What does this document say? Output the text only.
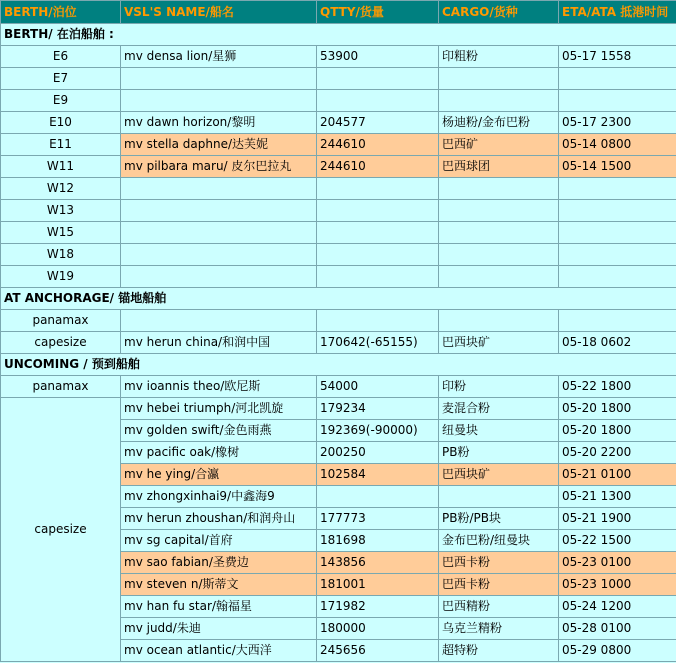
BERTH/泊位	VSL'S NAME/船名	QTTY/货量	CARGO/货种	ETA/ATA 抵港时间
BERTH/ 在泊船舶 :				
E6	mv densa lion/星狮	53900	印粗粉	05-17 1558
E7				
E9				
E10	mv dawn horizon/黎明	204577	杨迪粉/金布巴粉	05-17 2300
E11	mv stella daphne/达芙妮	244610	巴西矿	05-14 0800
W11	mv pilbara maru/ 皮尔巴拉丸	244610	巴西球团	05-14 1500
W12				
W13				
W15				
W18				
W19				
AT ANCHORAGE/ 锚地船舶				
panamax				
capesize	mv herun china/和润中国	170642(-65155)	巴西块矿	05-18 0602
UNCOMING / 预到船舶				
panamax	mv ioannis theo/欧尼斯	54000	印粉	05-22 1800
capesize	mv hebei triumph/河北凯旋	179234	麦混合粉	05-20 1800
	mv golden swift/金色雨燕	192369(-90000)	纽曼块	05-20 1800
	mv pacific oak/橡树	200250	PB粉	05-20 2200
	mv he ying/合瀛	102584	巴西块矿	05-21 0100
	mv zhongxinhai9/中鑫海9			05-21 1300
	mv herun zhoushan/和润舟山	177773	PB粉/PB块	05-21 1900
	mv sg capital/首府	181698	金布巴粉/纽曼块	05-22 1500
	mv sao fabian/圣费边	143856	巴西卡粉	05-23 0100
	mv steven n/斯蒂文	181001	巴西卡粉	05-23 1000
	mv han fu star/翰福星	171982	巴西精粉	05-24 1200
	mv judd/朱迪	180000	乌克兰精粉	05-28 0100
	mv ocean atlantic/大西洋	245656	超特粉	05-29 0800
